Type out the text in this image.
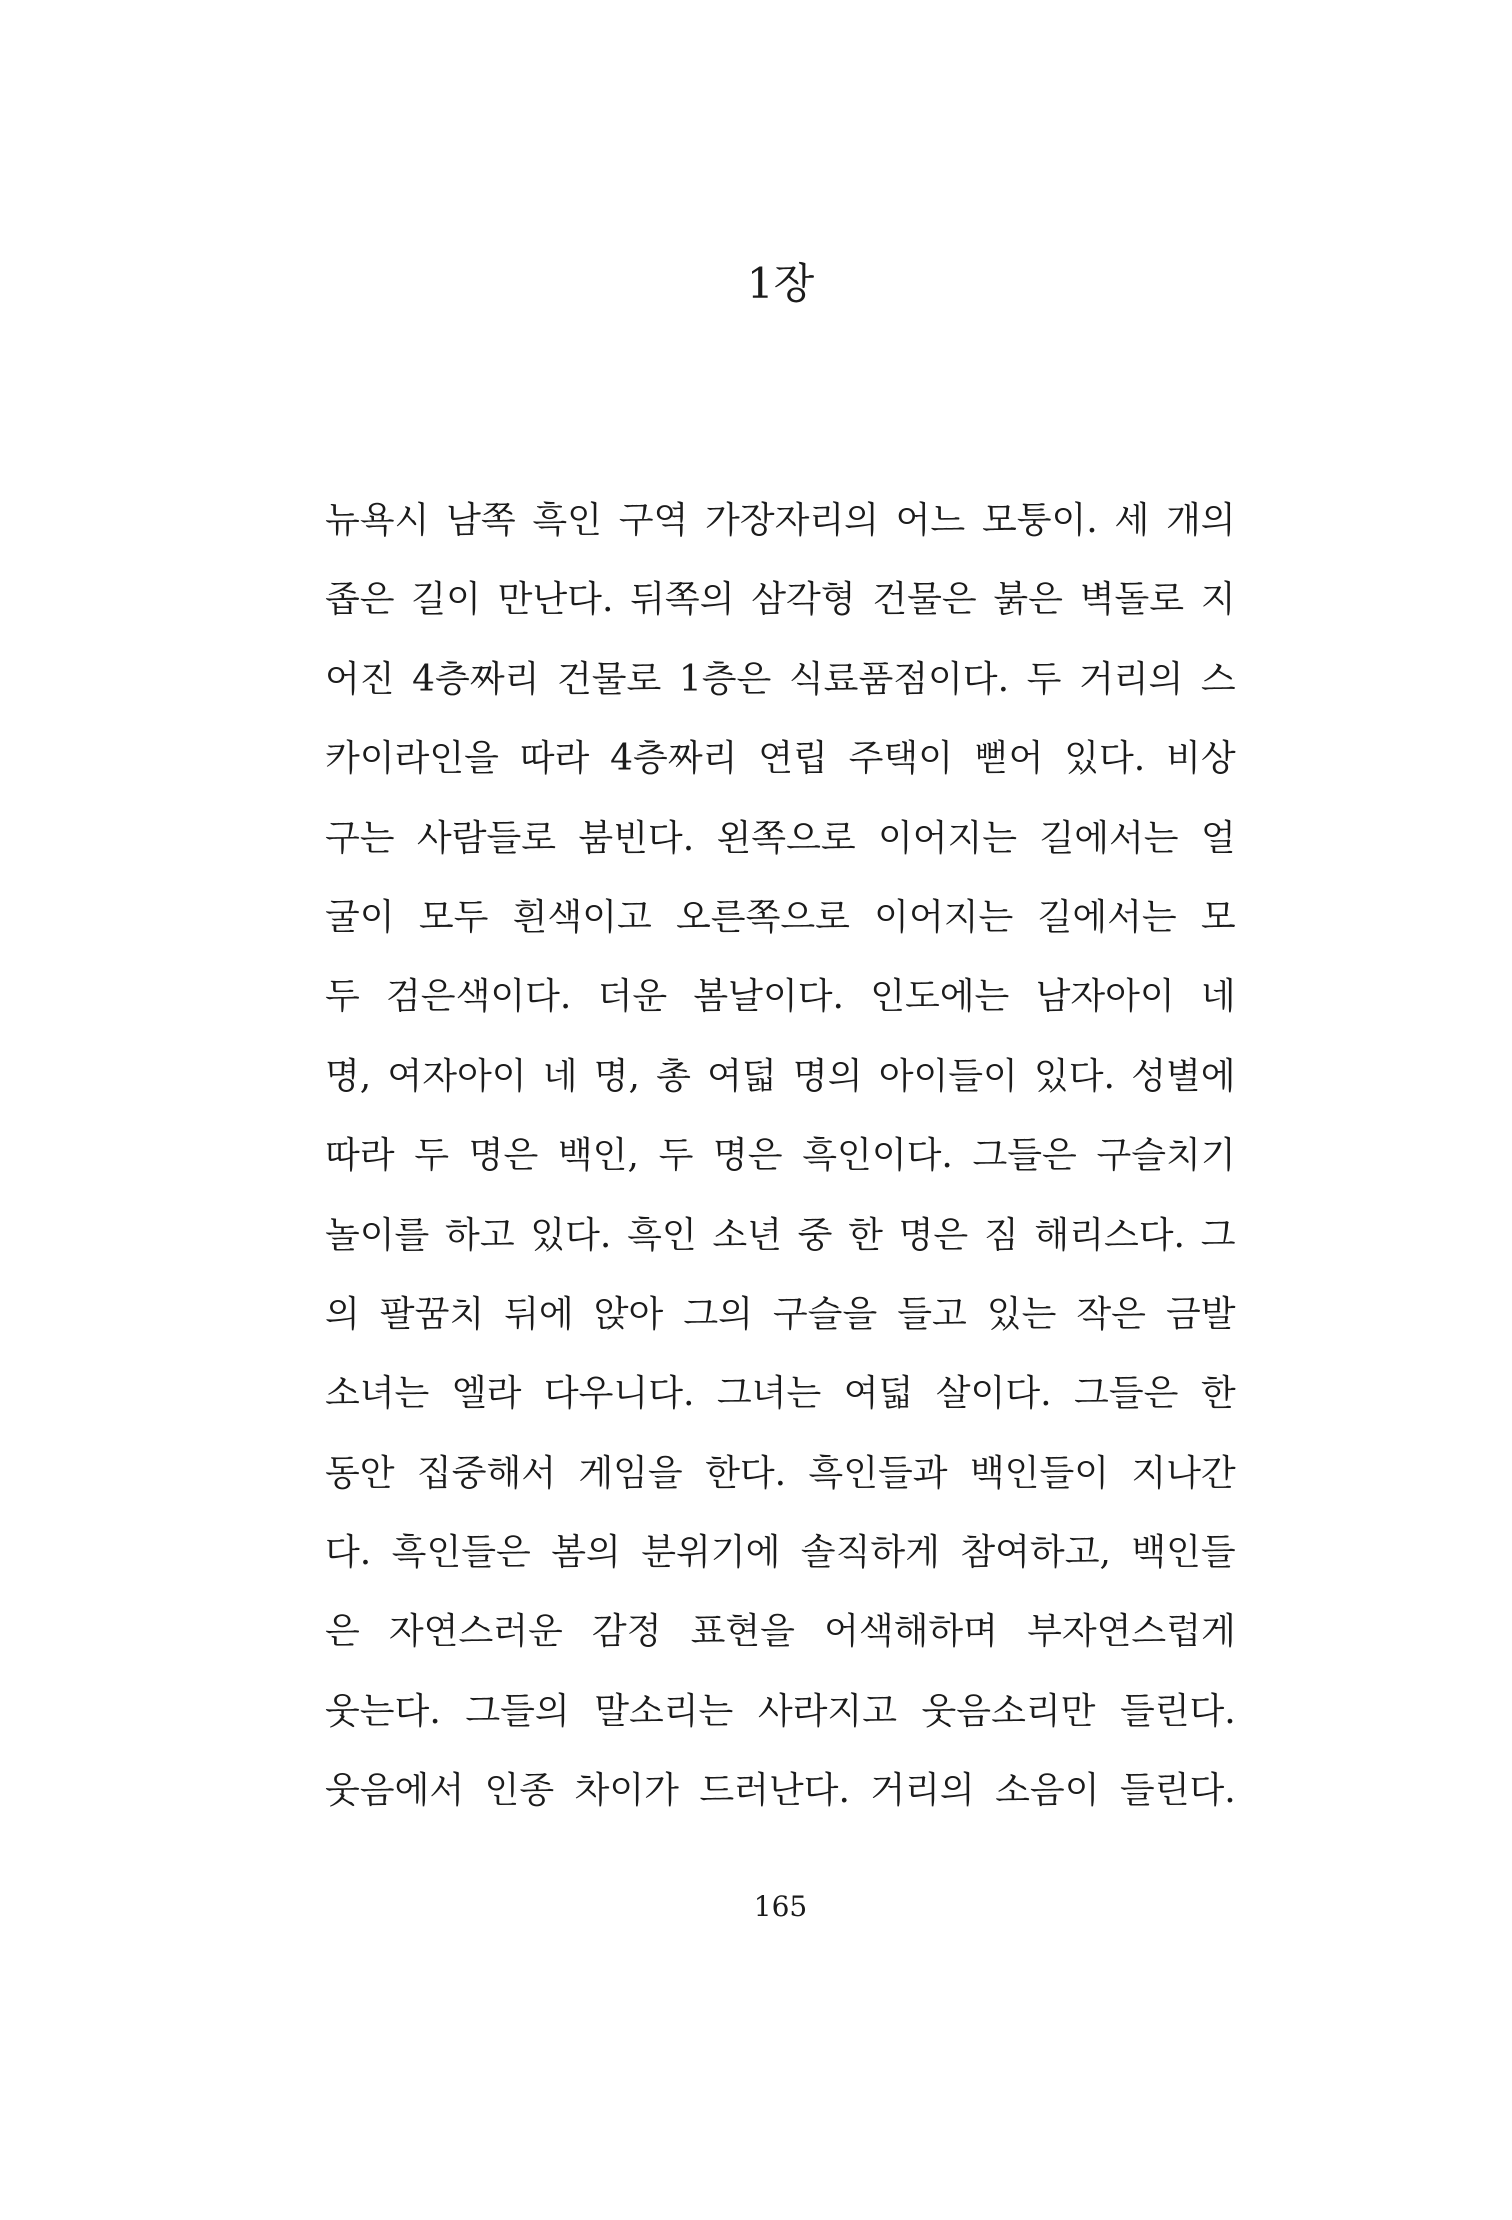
1장
뉴욕시 남쪽 흑인 구역 가장자리의 어느 모퉁이. 세 개의
좁은 길이 만난다. 뒤쪽의 삼각형 건물은 붉은 벽돌로 지
어진 4층짜리 건물로 1층은 식료품점이다. 두 거리의 스
카이라인을 따라 4층짜리 연립 주택이 뻗어 있다. 비상
구는 사람들로 붐빈다. 왼쪽으로 이어지는 길에서는 얼
굴이 모두 흰색이고 오른쪽으로 이어지는 길에서는 모
두 검은색이다. 더운 봄날이다. 인도에는 남자아이 네
명, 여자아이 네 명, 총 여덟 명의 아이들이 있다. 성별에
따라 두 명은 백인, 두 명은 흑인이다. 그들은 구슬치기
놀이를 하고 있다. 흑인 소년 중 한 명은 짐 해리스다. 그
의 팔꿈치 뒤에 앉아 그의 구슬을 들고 있는 작은 금발
소녀는 엘라 다우니다. 그녀는 여덟 살이다. 그들은 한
동안 집중해서 게임을 한다. 흑인들과 백인들이 지나간
다. 흑인들은 봄의 분위기에 솔직하게 참여하고, 백인들
은 자연스러운 감정 표현을 어색해하며 부자연스럽게
웃는다. 그들의 말소리는 사라지고 웃음소리만 들린다.
웃음에서 인종 차이가 드러난다. 거리의 소음이 들린다.
165
